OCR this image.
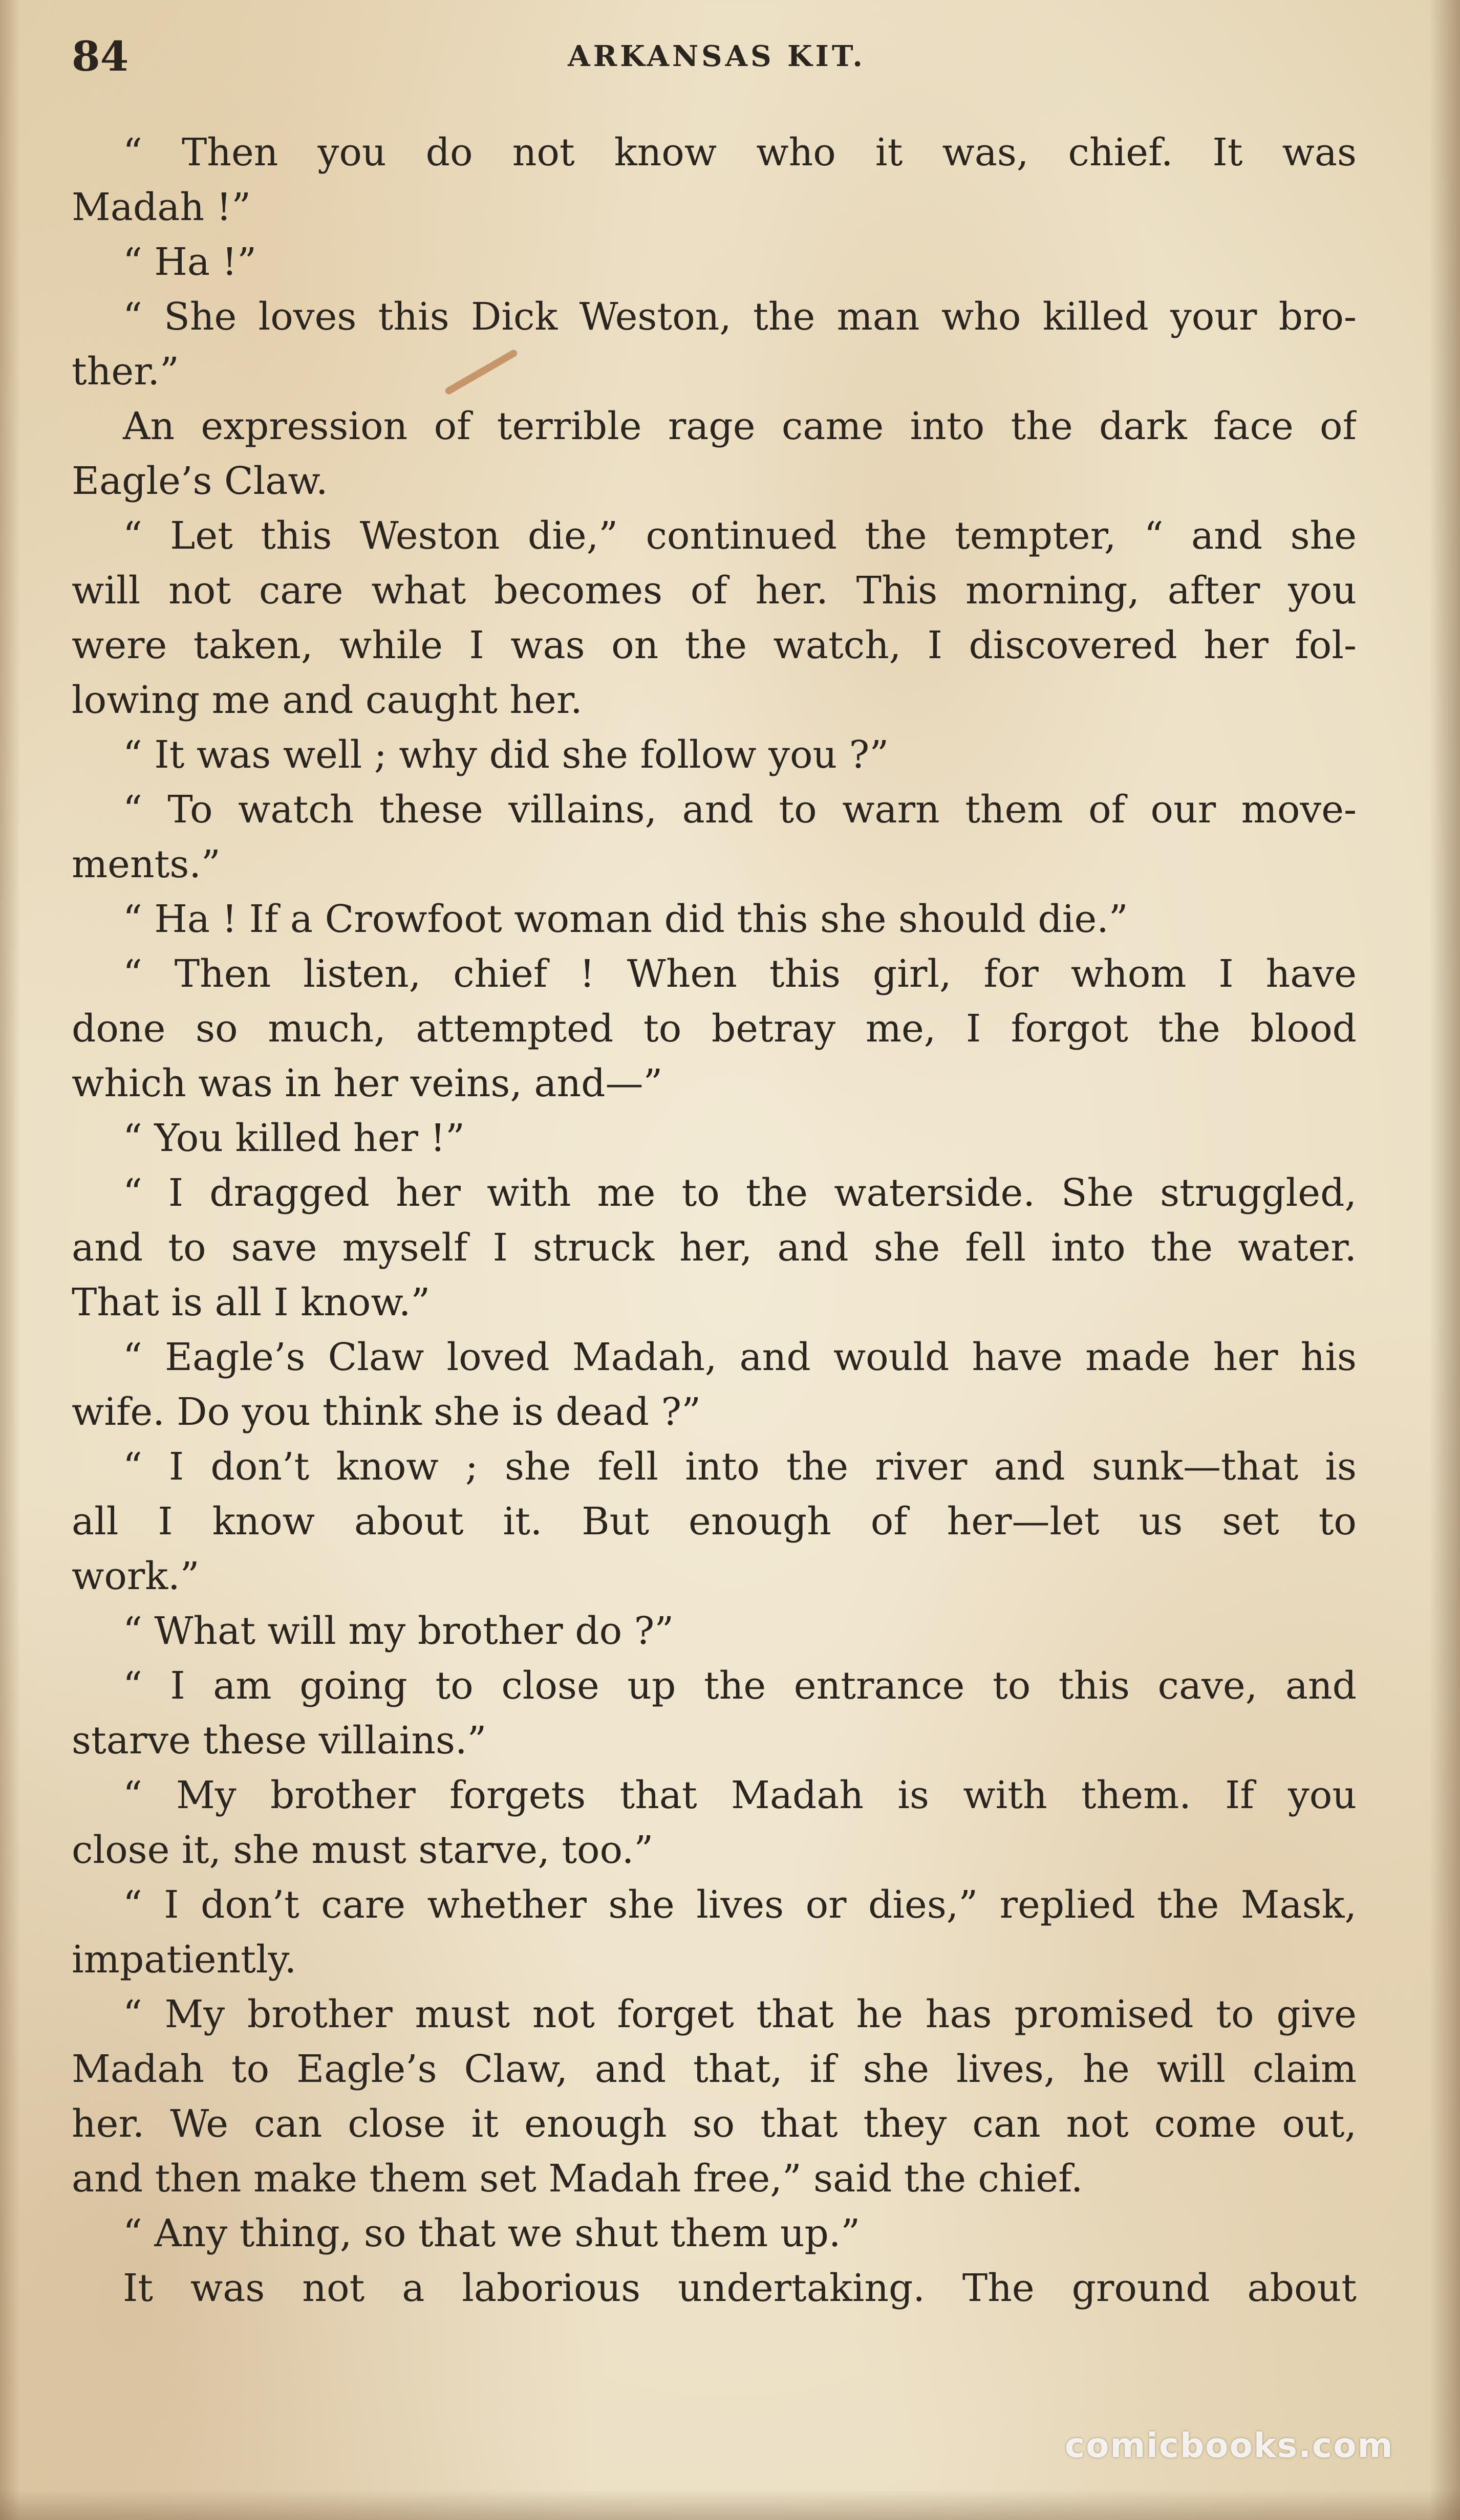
84	ARKANSAS KIT.
“ Then you do not know who it was, chief. It was
Madah !”
“ Ha !”
“ She loves this Dick Weston, the man who killed your bro-
ther.”
An expression of terrible rage came into the dark face of
Eagle’s Claw.
“ Let this Weston die,” continued the tempter, “ and she
will not care what becomes of her. This morning, after you
were taken, while I was on the watch, I discovered her fol-
lowing me and caught her.
“ It was well ; why did she follow you ?”
“ To watch these villains, and to warn them of our move-
ments.”
“ Ha ! If a Crowfoot woman did this she should die.”
“ Then listen, chief ! When this girl, for whom I have
done so much, attempted to betray me, I forgot the blood
which was in her veins, and—”
“ You killed her !”
“ I dragged her with me to the waterside. She struggled,
and to save myself I struck her, and she fell into the water.
That is all I know.”
“ Eagle’s Claw loved Madah, and would have made her his
wife. Do you think she is dead ?”
“ I don’t know ; she fell into the river and sunk—that is
all I know about it. But enough of her—let us set to
work.”
“ What will my brother do ?”
“ I am going to close up the entrance to this cave, and
starve these villains.”
“ My brother forgets that Madah is with them. If you
close it, she must starve, too.”
“ I don’t care whether she lives or dies,” replied the Mask,
impatiently.
“ My brother must not forget that he has promised to give
Madah to Eagle’s Claw, and that, if she lives, he will claim
her. We can close it enough so that they can not come out,
and then make them set Madah free,” said the chief.
“ Any thing, so that we shut them up.”
It was not a laborious undertaking. The ground about
comicbooks.com
